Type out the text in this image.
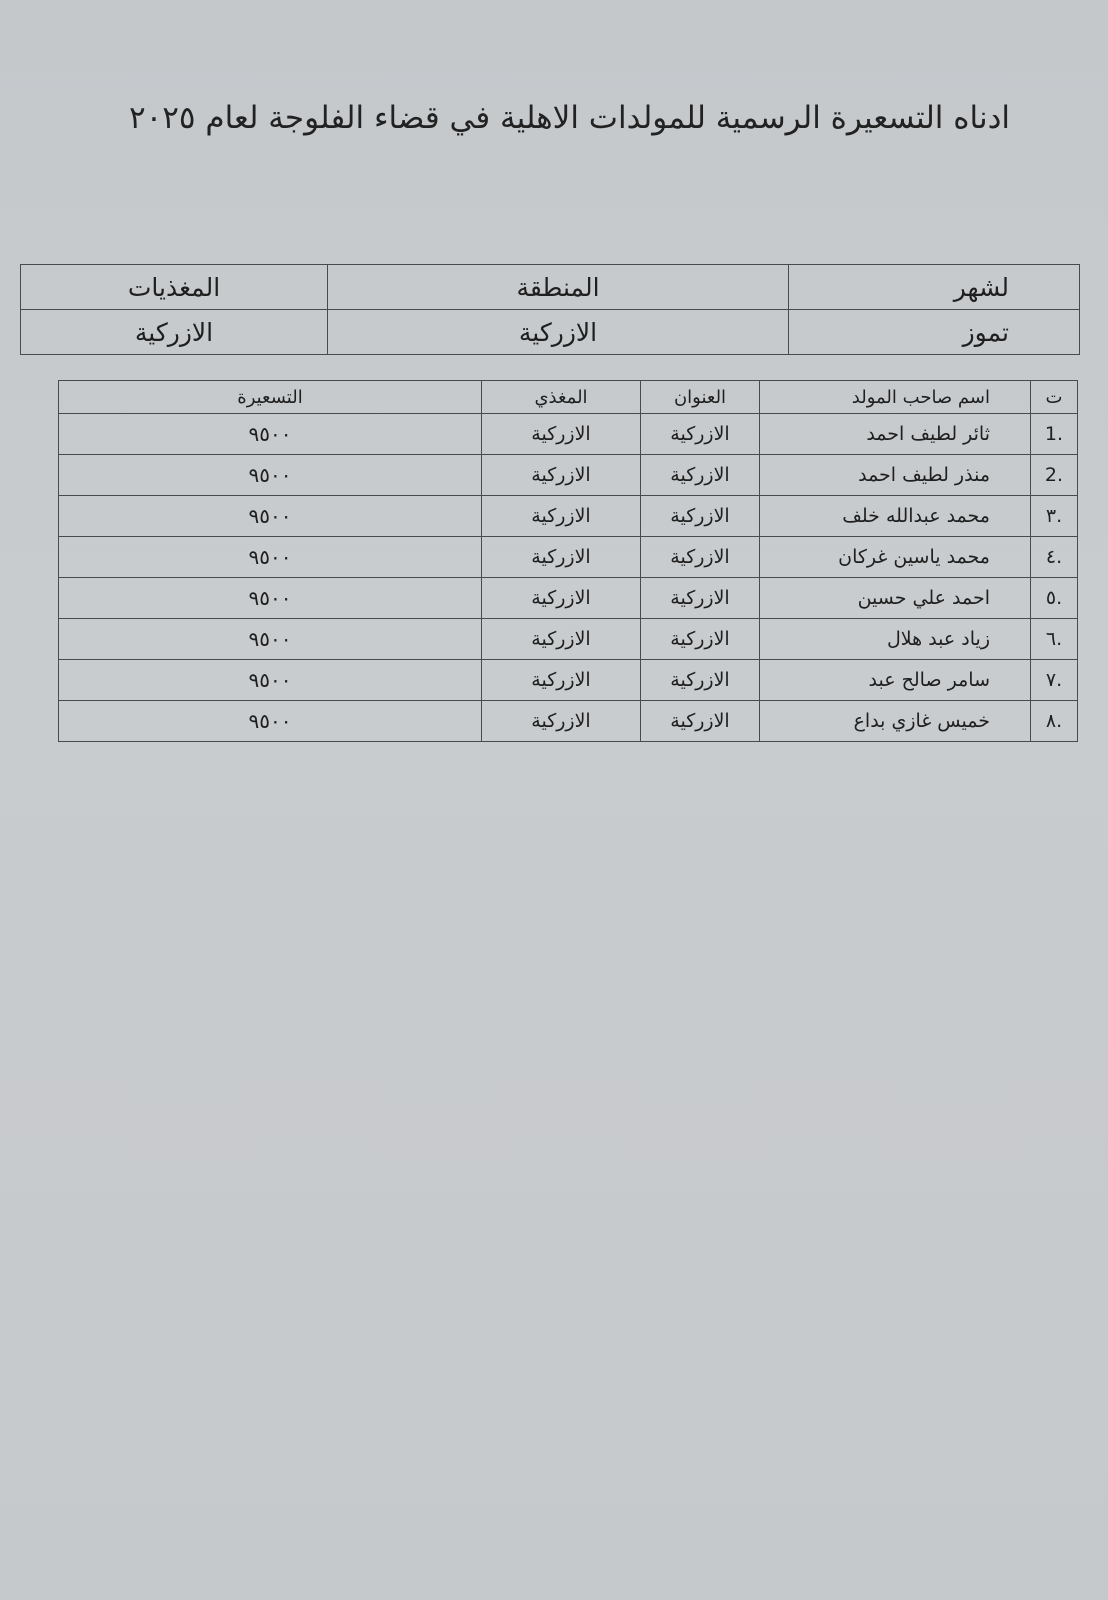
ادناه التسعيرة الرسمية للمولدات الاهلية في قضاء الفلوجة لعام ٢٠٢٥
لشهر	المنطقة	المغذيات
تموز	الازركية	الازركية
ت	اسم صاحب المولد	العنوان	المغذي	التسعيرة
.1	ثائر لطيف احمد	الازركية	الازركية	٩٥٠٠
.2	منذر لطيف احمد	الازركية	الازركية	٩٥٠٠
.٣	محمد عبدالله خلف	الازركية	الازركية	٩٥٠٠
.٤	محمد ياسين غركان	الازركية	الازركية	٩٥٠٠
.٥	احمد علي حسين	الازركية	الازركية	٩٥٠٠
.٦	زياد عبد هلال	الازركية	الازركية	٩٥٠٠
.٧	سامر صالح عبد	الازركية	الازركية	٩٥٠٠
.٨	خميس غازي بداع	الازركية	الازركية	٩٥٠٠
